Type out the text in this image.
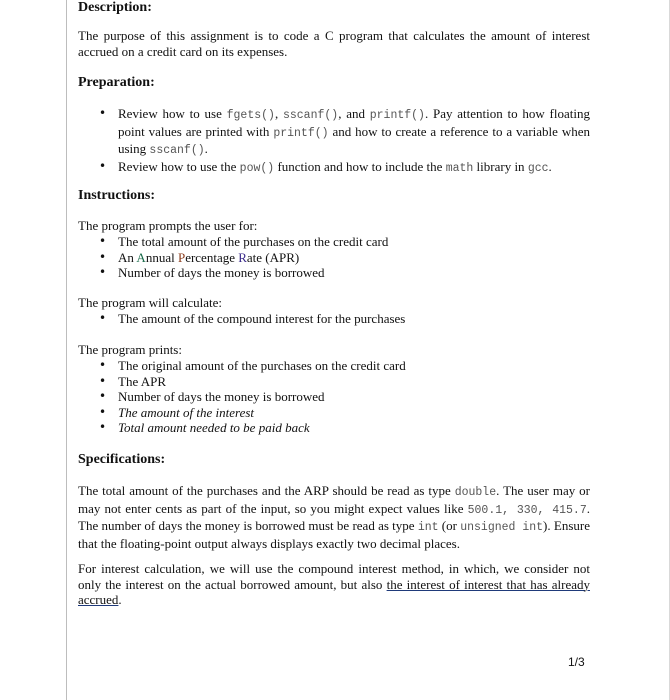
Description:

The purpose of this assignment is to code a C program that calculates the amount of interest accrued on a credit card on its expenses.

Preparation:
• Review how to use fgets(), sscanf(), and printf(). Pay attention to how floating point values are printed with printf() and how to create a reference to a variable when using sscanf().
• Review how to use the pow() function and how to include the math library in gcc.
Instructions:

The program prompts the user for:

• The total amount of the purchases on the credit card
• An Annual Percentage Rate (APR)
• Number of days the money is borrowed

The program will calculate:

• The amount of the compound interest for the purchases

The program prints:

• The original amount of the purchases on the credit card
• The APR
• Number of days the money is borrowed
• The amount of the interest
• Total amount needed to be paid back
Specifications:

The total amount of the purchases and the ARP should be read as type double. The user may or may not enter cents as part of the input, so you might expect values like 500.1, 330, 415.7. The number of days the money is borrowed must be read as type int (or unsigned int). Ensure that the floating-point output always displays exactly two decimal places.

For interest calculation, we will use the compound interest method, in which, we consider not only the interest on the actual borrowed amount, but also the interest of interest that has already accrued.

1/3
